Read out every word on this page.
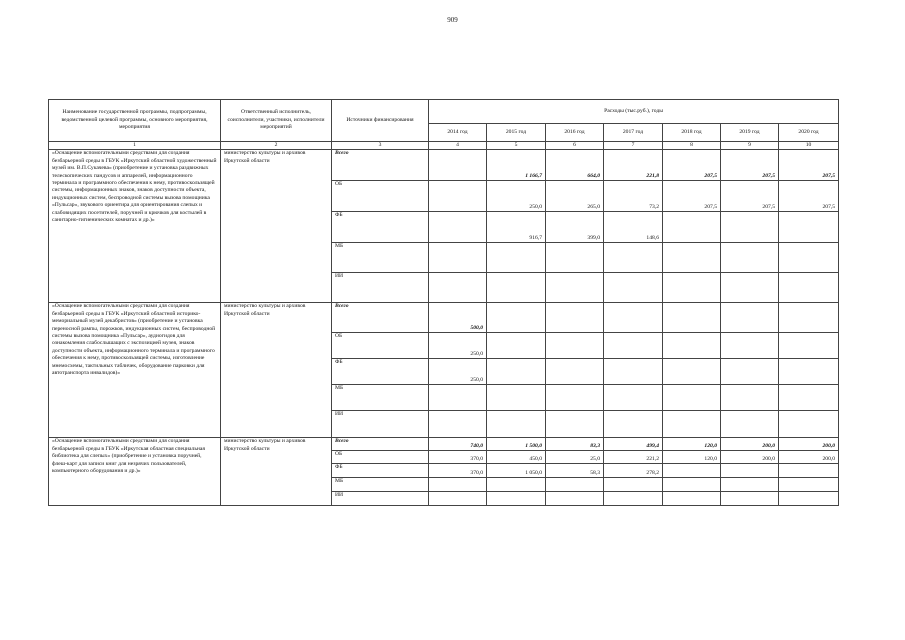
909
Наименование государственной программы, подпрограммы, ведомственной целевой программы, основного мероприятия, мероприятия	Ответственный исполнитель, соисполнители, участники, исполнители мероприятий	Источники финансирования	Расходы (тыс.руб.), годы						
			2014 год	2015 год	2016 год	2017 год	2018 год	2019 год	2020 год
1	2	3	4	5	6	7	8	9	10
«Оснащение вспомогательными средствами для создания безбарьерной среды в ГБУК «Иркутский областной художественный музей им. В.П.Сукачева» (приобретение и установка раздвижных телескопических пандусов и аппарелей, информационного терминала и программного обеспечения к нему, противоскользящей системы, информационных знаков, знаков доступности объекта, индукционных систем, беспроводной системы вызова помощника «Пульсар», звукового ориентира для ориентирования слепых и слабовидящих посетителей, поручней и крючков для костылей в санитарно-гигиенических комнатах и др.)»	министерство культуры и архивов Иркутской области	Всего		1 166,7	664,0	221,8	207,5	207,5	207,5
		ОБ		250,0	265,0	73,2	207,5	207,5	207,5
		ФБ		916,7	399,0	148,6			
		МБ							
		ИИ							
«Оснащение вспомогательными средствами для создания безбарьерной среды в ГБУК «Иркутский областной историко-мемориальный музей декабристов» (приобретение и установка переносной рампы, порожков, индукционных систем, беспроводной системы вызова помощника «Пульсар», аудиогидов для ознакомления слабослышащих с экспозицией музея, знаков доступности объекта, информационного терминала и программного обеспечения к нему, противоскользящей системы, изготовление мнемосхемы, тактильных табличек, оборудование парковки для автотранспорта инвалидов)»	министерство культуры и архивов Иркутской области	Всего	500,0						
		ОБ	250,0						
		ФБ	250,0						
		МБ							
		ИИ							
«Оснащение вспомогательными средствами для создания безбарьерной среды в ГБУК «Иркутская областная специальная библиотека для слепых» (приобретение и установка поручней, флеш-карт для записи книг для незрячих пользователей, компьютерного оборудования и др.)»	министерство культуры и архивов Иркутской области	Всего	740,0	1 500,0	83,3	499,4	120,0	200,0	200,0
		ОБ	370,0	450,0	25,0	221,2	120,0	200,0	200,0
		ФБ	370,0	1 050,0	58,3	278,2			
		МБ							
		ИИ							
